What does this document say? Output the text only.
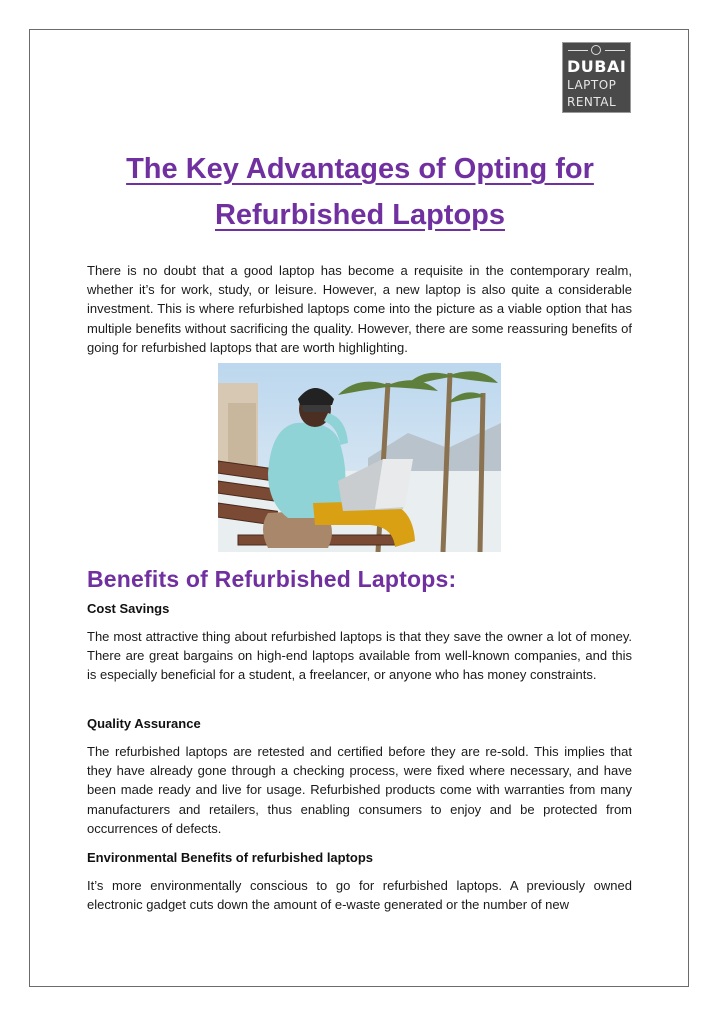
DUBAI
LAPTOP
RENTAL
The Key Advantages of Opting for
Refurbished Laptops

There is no doubt that a good laptop has become a requisite in the contemporary realm, whether it’s for work, study, or leisure. However, a new laptop is also quite a considerable investment. This is where refurbished laptops come into the picture as a viable option that has multiple benefits without sacrificing the quality. However, there are some reassuring benefits of going for refurbished laptops that are worth highlighting.

Benefits of Refurbished Laptops:

Cost Savings

The most attractive thing about refurbished laptops is that they save the owner a lot of money. There are great bargains on high-end laptops available from well-known companies, and this is especially beneficial for a student, a freelancer, or anyone who has money constraints.

Quality Assurance

The refurbished laptops are retested and certified before they are re-sold. This implies that they have already gone through a checking process, were fixed where necessary, and have been made ready and live for usage. Refurbished products come with warranties from many manufacturers and retailers, thus enabling consumers to enjoy and be protected from occurrences of defects.

Environmental Benefits of refurbished laptops

It’s more environmentally conscious to go for refurbished laptops. A previously owned electronic gadget cuts down the amount of e-waste generated or the number of new
